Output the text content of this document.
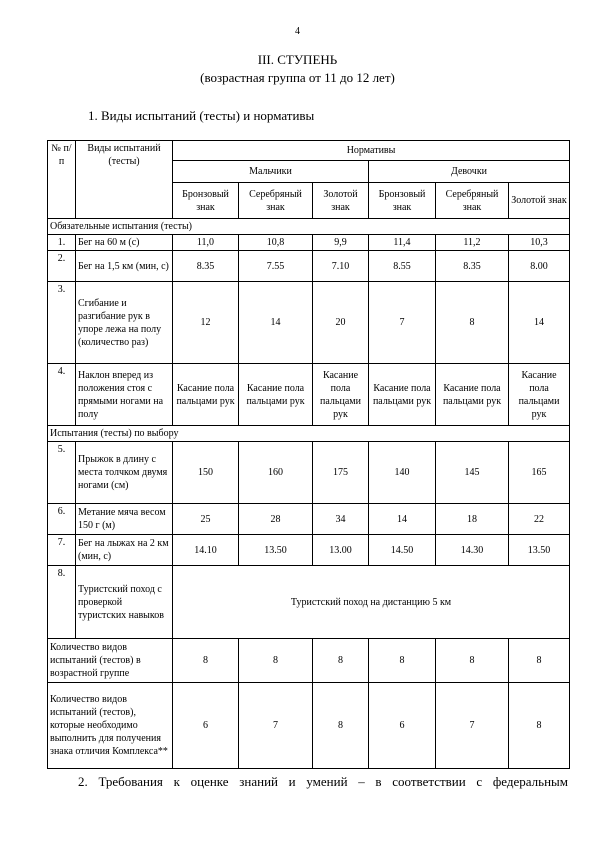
4
III. СТУПЕНЬ
(возрастная группа от 11 до 12 лет)
1. Виды испытаний (тесты) и нормативы
№ п/п	Виды испытаний (тесты)	Нормативы					
		Мальчики			Девочки		
		Бронзовый знак	Серебряный знак	Золотой знак	Бронзовый знак	Серебряный знак	Золотой знак
Обязательные испытания (тесты)							
1.	Бег на 60 м (с)	11,0	10,8	9,9	11,4	11,2	10,3
2.	Бег на 1,5 км (мин, с)	8.35	7.55	7.10	8.55	8.35	8.00
3.	Сгибание и разгибание рук в упоре лежа на полу (количество раз)	12	14	20	7	8	14
4.	Наклон вперед из положения стоя с прямыми ногами на полу	Касание пола пальцами рук	Касание пола пальцами рук	Касание пола пальцами рук	Касание пола пальцами рук	Касание пола пальцами рук	Касание пола пальцами рук
Испытания (тесты) по выбору							
5.	Прыжок в длину с места толчком двумя ногами (см)	150	160	175	140	145	165
6.	Метание мяча весом 150 г (м)	25	28	34	14	18	22
7.	Бег на лыжах на 2 км (мин, с)	14.10	13.50	13.00	14.50	14.30	13.50
8.	Туристский поход с проверкой туристских навыков	Туристский поход на дистанцию 5 км					
Количество видов испытаний (тестов) в возрастной группе		8	8	8	8	8	8
Количество видов испытаний (тестов), которые необходимо выполнить для получения знака отличия Комплекса**		6	7	8	6	7	8
2. Требования к оценке знаний и умений – в соответствии с федеральным
